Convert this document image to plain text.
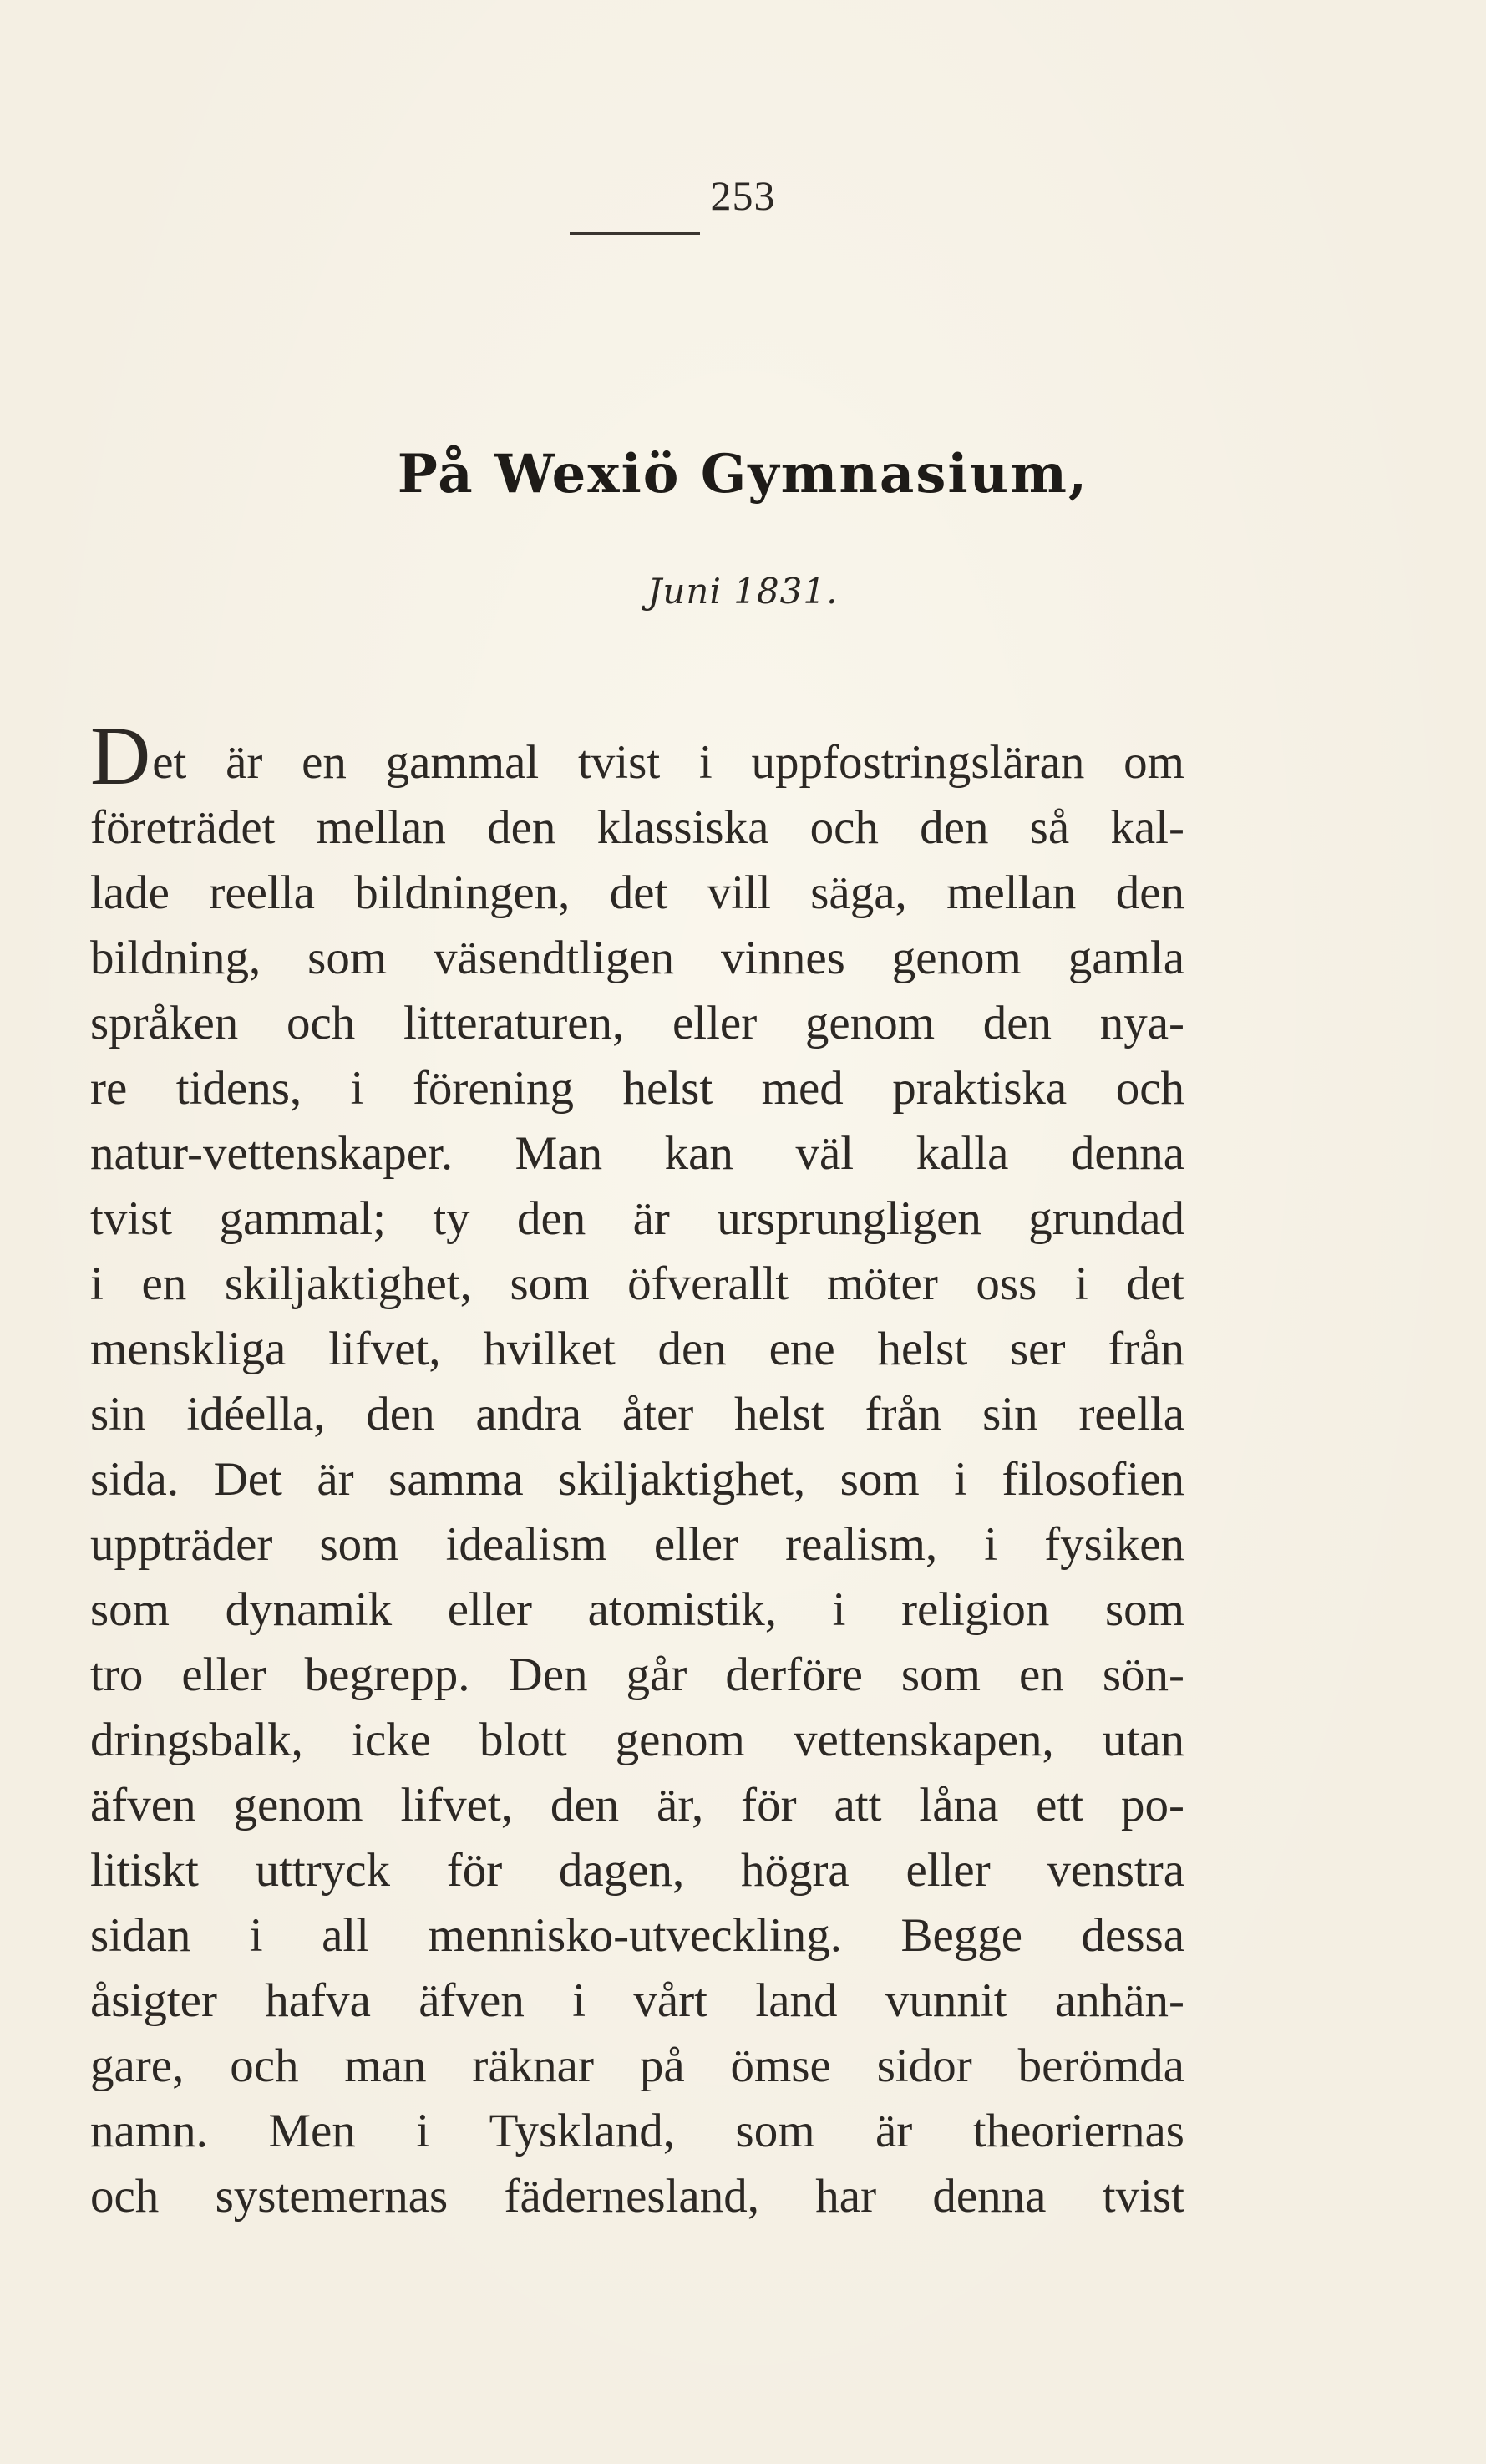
253
På Wexiö Gymnasium,
Juni 1831.
Det är en gammal tvist i uppfostringsläran om
företrädet mellan den klassiska och den så kal-
lade reella bildningen, det vill säga, mellan den
bildning, som väsendtligen vinnes genom gamla
språken och litteraturen, eller genom den nya-
re tidens, i förening helst med praktiska och
natur-vettenskaper. Man kan väl kalla denna
tvist gammal; ty den är ursprungligen grundad
i en skiljaktighet, som öfverallt möter oss i det
menskliga lifvet, hvilket den ene helst ser från
sin idéella, den andra åter helst från sin reella
sida. Det är samma skiljaktighet, som i filosofien
uppträder som idealism eller realism, i fysiken
som dynamik eller atomistik, i religion som
tro eller begrepp. Den går derföre som en sön-
dringsbalk, icke blott genom vettenskapen, utan
äfven genom lifvet, den är, för att låna ett po-
litiskt uttryck för dagen, högra eller venstra
sidan i all mennisko-utveckling. Begge dessa
åsigter hafva äfven i vårt land vunnit anhän-
gare, och man räknar på ömse sidor berömda
namn. Men i Tyskland, som är theoriernas
och systemernas fädernesland, har denna tvist
